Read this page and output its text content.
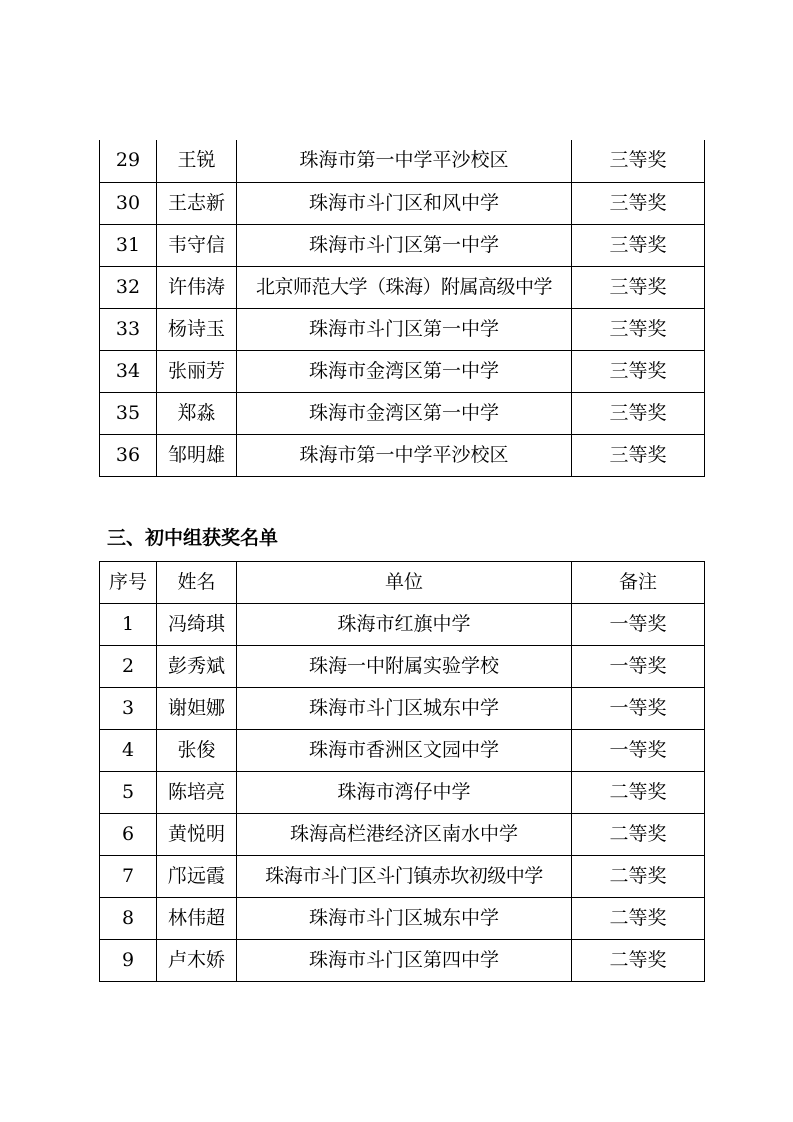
29	王锐	珠海市第一中学平沙校区	三等奖
30	王志新	珠海市斗门区和风中学	三等奖
31	韦守信	珠海市斗门区第一中学	三等奖
32	许伟涛	北京师范大学（珠海）附属高级中学	三等奖
33	杨诗玉	珠海市斗门区第一中学	三等奖
34	张丽芳	珠海市金湾区第一中学	三等奖
35	郑淼	珠海市金湾区第一中学	三等奖
36	邹明雄	珠海市第一中学平沙校区	三等奖
三、初中组获奖名单
序号	姓名	单位	备注
1	冯绮琪	珠海市红旗中学	一等奖
2	彭秀斌	珠海一中附属实验学校	一等奖
3	谢妲娜	珠海市斗门区城东中学	一等奖
4	张俊	珠海市香洲区文园中学	一等奖
5	陈培亮	珠海市湾仔中学	二等奖
6	黄悦明	珠海高栏港经济区南水中学	二等奖
7	邝远霞	珠海市斗门区斗门镇赤坎初级中学	二等奖
8	林伟超	珠海市斗门区城东中学	二等奖
9	卢木娇	珠海市斗门区第四中学	二等奖
